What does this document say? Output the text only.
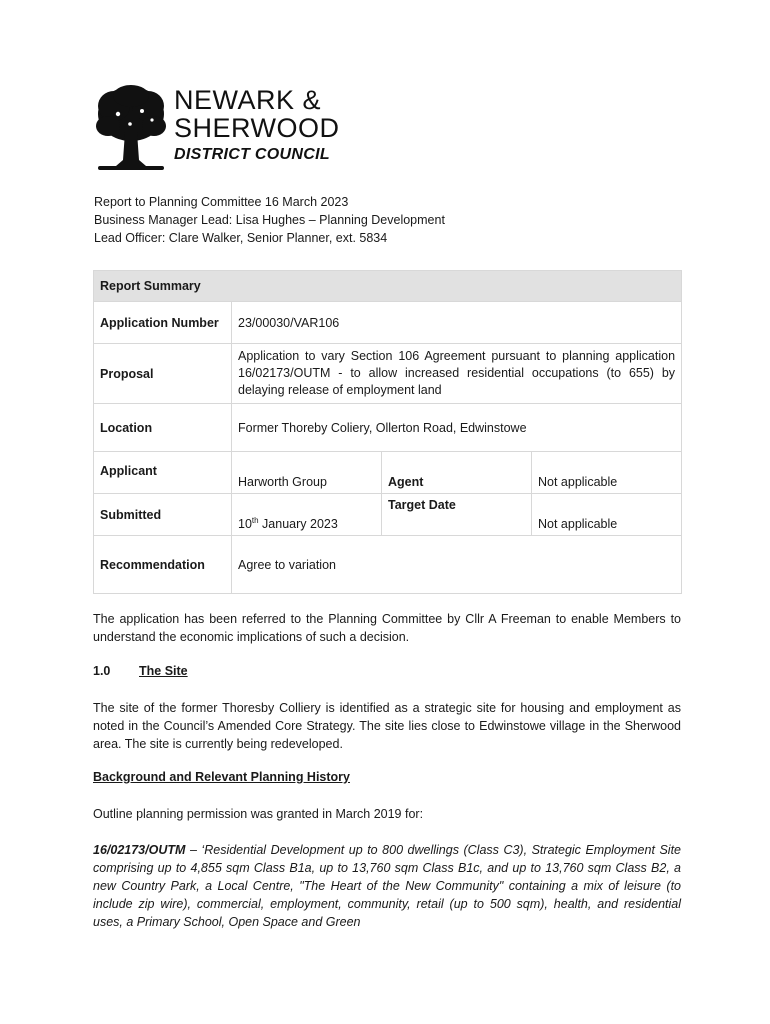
NEWARK &
SHERWOOD
DISTRICT COUNCIL
Report to Planning Committee 16 March 2023
Business Manager Lead: Lisa Hughes – Planning Development
Lead Officer: Clare Walker, Senior Planner, ext. 5834
Report Summary			
Application Number	23/00030/VAR106		
Proposal	Application to vary Section 106 Agreement pursuant to planning application 16/02173/OUTM - to allow increased residential occupations (to 655) by delaying release of employment land		
Location	Former Thoreby Coliery, Ollerton Road, Edwinstowe		
Applicant	Harworth Group	Agent	Not applicable
Submitted	10th January 2023	Target Date	Not applicable
Recommendation	Agree to variation		
The application has been referred to the Planning Committee by Cllr A Freeman to enable Members to understand the economic implications of such a decision.
1.0 The Site
The site of the former Thoresby Colliery is identified as a strategic site for housing and employment as noted in the Council’s Amended Core Strategy. The site lies close to Edwinstowe village in the Sherwood area. The site is currently being redeveloped.
Background and Relevant Planning History
Outline planning permission was granted in March 2019 for:
16/02173/OUTM – ‘Residential Development up to 800 dwellings (Class C3), Strategic Employment Site comprising up to 4,855 sqm Class B1a, up to 13,760 sqm Class B1c, and up to 13,760 sqm Class B2, a new Country Park, a Local Centre, "The Heart of the New Community" containing a mix of leisure (to include zip wire), commercial, employment, community, retail (up to 500 sqm), health, and residential uses, a Primary School, Open Space and Green
